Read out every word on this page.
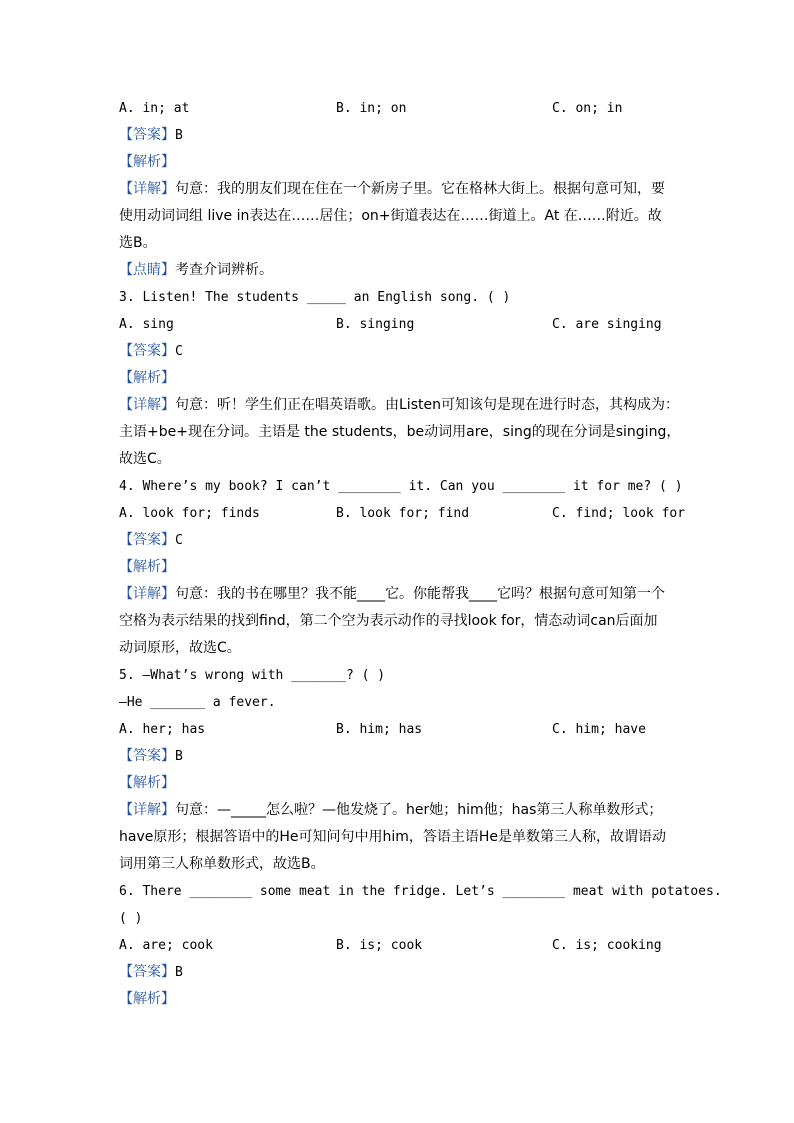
A. in; at	B. in; on	C. on; in
【答案】B
【解析】
【详解】句意：我的朋友们现在住在一个新房子里。它在格林大街上。根据句意可知，要
使用动词词组 live in表达在……居住；on+街道表达在……街道上。At 在……附近。故
选B。
【点睛】考查介词辨析。
3. Listen! The students _____ an English song. ( )
A. sing	B. singing	C. are singing
【答案】C
【解析】
【详解】句意：听！学生们正在唱英语歌。由Listen可知该句是现在进行时态，其构成为：
主语+be+现在分词。主语是 the students，be动词用are，sing的现在分词是singing，
故选C。
4. Where’s my book? I can’t ________ it. Can you ________ it for me? ( )
A. look for; finds	B. look for; find	C. find; look for
【答案】C
【解析】
【详解】句意：我的书在哪里？我不能____它。你能帮我____它吗？根据句意可知第一个
空格为表示结果的找到find，第二个空为表示动作的寻找look for，情态动词can后面加
动词原形，故选C。
5. —What’s wrong with _______? ( )
—He _______ a fever.
A. her; has	B. him; has	C. him; have
【答案】B
【解析】
【详解】句意：—_____怎么啦？—他发烧了。her她；him他；has第三人称单数形式；
have原形；根据答语中的He可知问句中用him，答语主语He是单数第三人称，故谓语动
词用第三人称单数形式，故选B。
6. There ________ some meat in the fridge. Let’s ________ meat with potatoes.
( )
A. are; cook	B. is; cook	C. is; cooking
【答案】B
【解析】
